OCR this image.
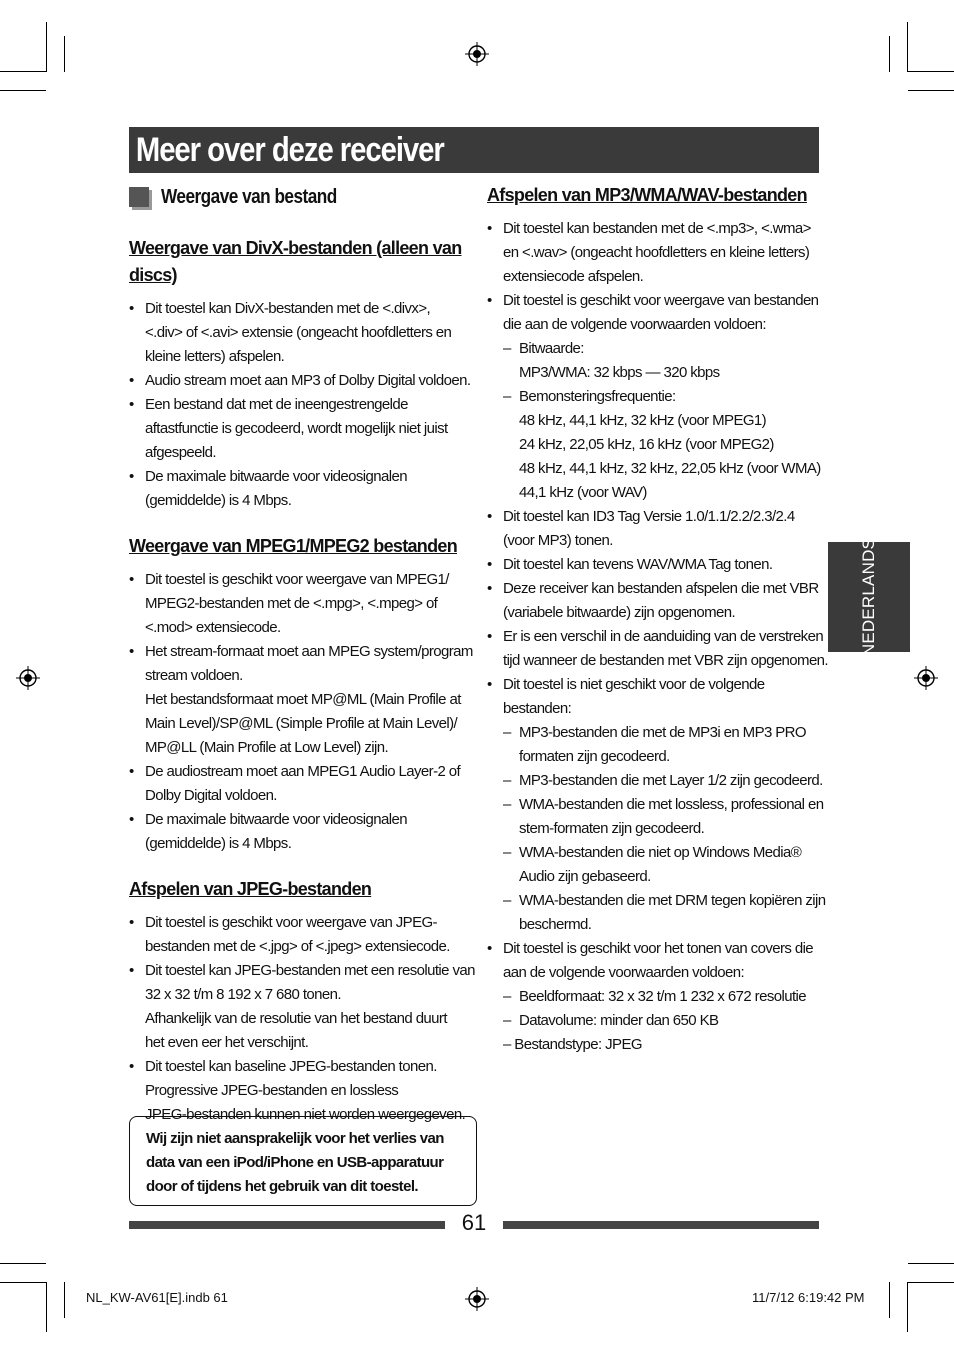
Meer over deze receiver
Weergave van bestand
Weergave van DivX-bestanden (alleen van discs)
• Dit toestel kan DivX-bestanden met de <.divx>,
<.div> of <.avi> extensie (ongeacht hoofdletters en
kleine letters) afspelen.
• Audio stream moet aan MP3 of Dolby Digital voldoen.
• Een bestand dat met de ineengestrengelde
aftastfunctie is gecodeerd, wordt mogelijk niet juist
afgespeeld.
• De maximale bitwaarde voor videosignalen
(gemiddelde) is 4 Mbps.
Weergave van MPEG1/MPEG2 bestanden
• Dit toestel is geschikt voor weergave van MPEG1/
MPEG2-bestanden met de <.mpg>, <.mpeg> of
<.mod> extensiecode.
• Het stream-formaat moet aan MPEG system/program
stream voldoen.
Het bestandsformaat moet MP@ML (Main Profile at
Main Level)/SP@ML (Simple Profile at Main Level)/
MP@LL (Main Profile at Low Level) zijn.
• De audiostream moet aan MPEG1 Audio Layer-2 of
Dolby Digital voldoen.
• De maximale bitwaarde voor videosignalen
(gemiddelde) is 4 Mbps.
Afspelen van JPEG-bestanden
• Dit toestel is geschikt voor weergave van JPEG-
bestanden met de <.jpg> of <.jpeg> extensiecode.
• Dit toestel kan JPEG-bestanden met een resolutie van
32 x 32 t/m 8 192 x 7 680 tonen.
Afhankelijk van de resolutie van het bestand duurt
het even eer het verschijnt.
• Dit toestel kan baseline JPEG-bestanden tonen.
Progressive JPEG-bestanden en lossless
JPEG-bestanden kunnen niet worden weergegeven.
Wij zijn niet aansprakelijk voor het verlies van
data van een iPod/iPhone en USB-apparatuur
door of tijdens het gebruik van dit toestel.
Afspelen van MP3/WMA/WAV-bestanden
• Dit toestel kan bestanden met de <.mp3>, <.wma>
en <.wav> (ongeacht hoofdletters en kleine letters)
extensiecode afspelen.
• Dit toestel is geschikt voor weergave van bestanden
die aan de volgende voorwaarden voldoen:
– Bitwaarde:
MP3/WMA: 32 kbps — 320 kbps
– Bemonsteringsfrequentie:
48 kHz, 44,1 kHz, 32 kHz (voor MPEG1)
24 kHz, 22,05 kHz, 16 kHz (voor MPEG2)
48 kHz, 44,1 kHz, 32 kHz, 22,05 kHz (voor WMA)
44,1 kHz (voor WAV)
• Dit toestel kan ID3 Tag Versie 1.0/1.1/2.2/2.3/2.4
(voor MP3) tonen.
• Dit toestel kan tevens WAV/WMA Tag tonen.
• Deze receiver kan bestanden afspelen die met VBR
(variabele bitwaarde) zijn opgenomen.
• Er is een verschil in de aanduiding van de verstreken
tijd wanneer de bestanden met VBR zijn opgenomen.
• Dit toestel is niet geschikt voor de volgende
bestanden:
– MP3-bestanden die met de MP3i en MP3 PRO
formaten zijn gecodeerd.
– MP3-bestanden die met Layer 1/2 zijn gecodeerd.
– WMA-bestanden die met lossless, professional en
stem-formaten zijn gecodeerd.
– WMA-bestanden die niet op Windows Media®
Audio zijn gebaseerd.
– WMA-bestanden die met DRM tegen kopiëren zijn
beschermd.
• Dit toestel is geschikt voor het tonen van covers die
aan de volgende voorwaarden voldoen:
– Beeldformaat: 32 x 32 t/m 1 232 x 672 resolutie
– Datavolume: minder dan 650 KB
– Bestandstype: JPEG
NEDERLANDS
61
NL_KW-AV61[E].indb 61	11/7/12 6:19:42 PM
